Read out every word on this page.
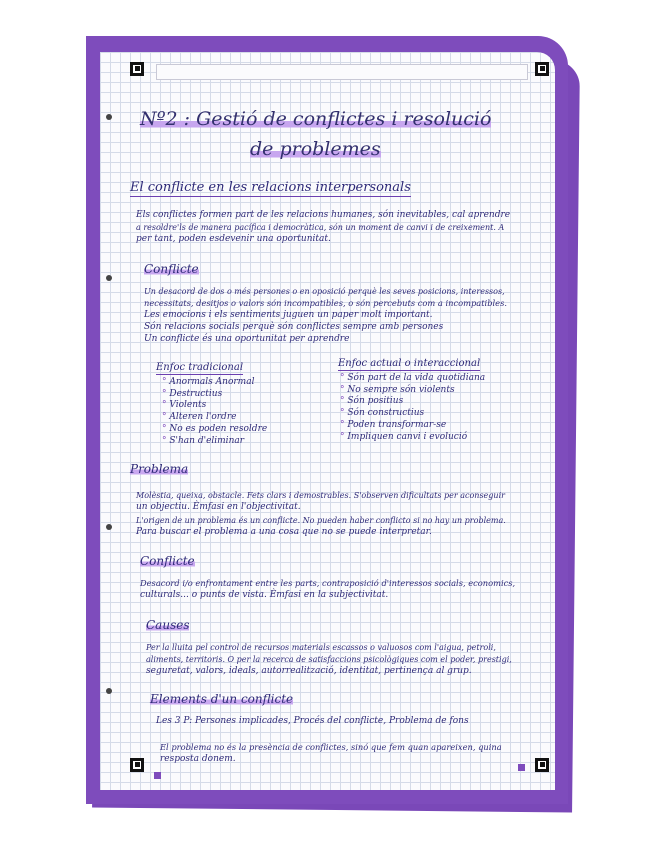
Nº2 : Gestió de conflictes i resolució
de problemes
El conflicte en les relacions interpersonals

Els conflictes formen part de les relacions humanes, són inevitables, cal aprendre

a resoldre'ls de manera pacífica i democràtica, són un moment de canvi i de creixement. A

per tant, poden esdevenir una oportunitat.

Conflicte

Un desacord de dos o més persones o en oposició perquè les seves posicions, interessos,

necessitats, desitjos o valors són incompatibles, o són percebuts com a incompatibles.

Les emocions i els sentiments juguen un paper molt important.

Són relacions socials perquè són conflictes sempre amb persones

Un conflicte és una oportunitat per aprendre

Enfoc tradicional
° Anormals Anormal
° Destructius
° Violents
° Alteren l'ordre
° No es poden resoldre
° S'han d'eliminar
Enfoc actual o interaccional
° Són part de la vida quotidiana
° No sempre són violents
° Són positius
° Són constructius
° Poden transformar-se
° Impliquen canvi i evolució
Problema

Molèstia, queixa, obstacle. Fets clars i demostrables. S'observen dificultats per aconseguir

un objectiu. Èmfasi en l'objectivitat.

L'origen de un problema és un conflicte. No pueden haber conflicto si no hay un problema.

Para buscar el problema a una cosa que no se puede interpretar.

Conflicte

Desacord i/o enfrontament entre les parts, contraposició d'interessos socials, economics,

culturals... o punts de vista. Èmfasi en la subjectivitat.

Causes

Per la lluita pel control de recursos materials escassos o valuosos com l'aigua, petroli,

aliments, territoris. O per la recerca de satisfaccions psicològiques com el poder, prestigi,

seguretat, valors, ideals, autorrealització, identitat, pertinença al grup.

Elements d'un conflicte

Les 3 P: Persones implicades, Procés del conflicte, Problema de fons

El problema no és la presència de conflictes, sinó que fem quan apareixen, quina

resposta donem.
